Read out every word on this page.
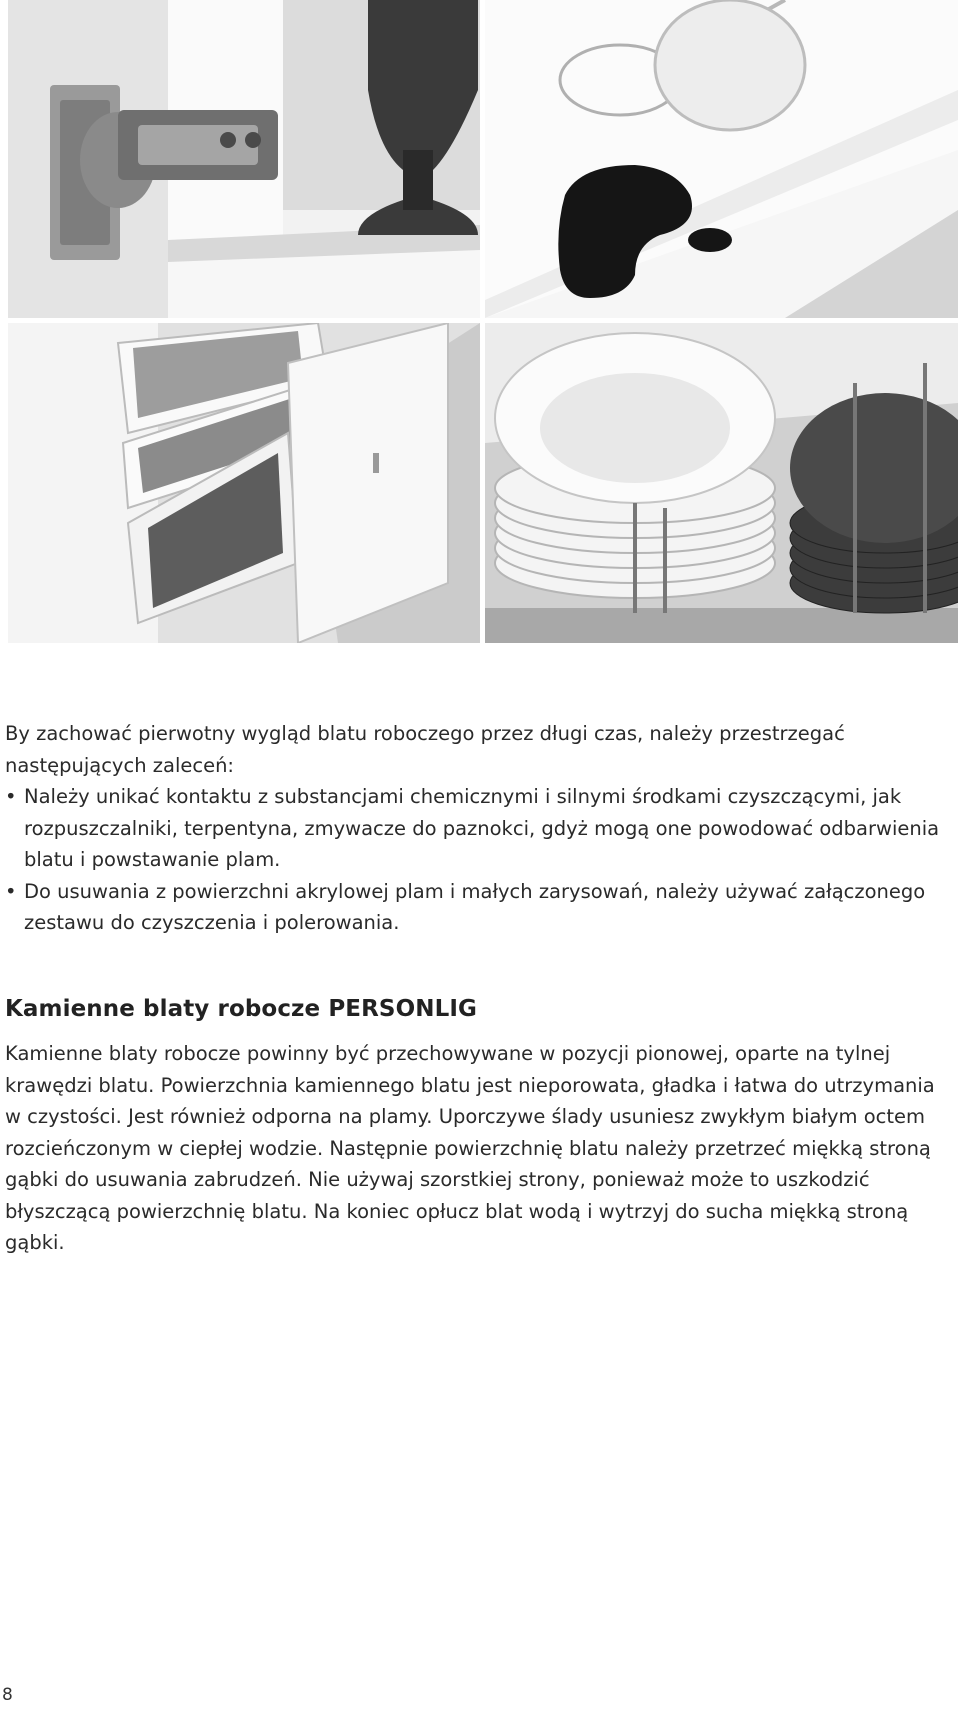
By zachować pierwotny wygląd blatu roboczego przez długi czas, należy przestrzegać

następujących zaleceń:

• Należy unikać kontaktu z substancjami chemicznymi i silnymi środkami czyszczącymi, jak rozpuszczalniki, terpentyna, zmywacze do paznokci, gdyż mogą one powodować odbarwienia blatu i powstawanie plam.
• Do usuwania z powierzchni akrylowej plam i małych zarysowań, należy używać załączonego zestawu do czyszczenia i polerowania.
Kamienne blaty robocze PERSONLIG

Kamienne blaty robocze powinny być przechowywane w pozycji pionowej, oparte na tylnej krawędzi blatu. Powierzchnia kamiennego blatu jest nieporowata, gładka i łatwa do utrzymania w czystości. Jest również odporna na plamy. Uporczywe ślady usuniesz zwykłym białym octem rozcieńczonym w ciepłej wodzie. Następnie powierzchnię blatu należy przetrzeć miękką stroną gąbki do usuwania zabrudzeń. Nie używaj szorstkiej strony, ponieważ może to uszkodzić błyszczącą powierzchnię blatu. Na koniec opłucz blat wodą i wytrzyj do sucha miękką stroną gąbki.

8
